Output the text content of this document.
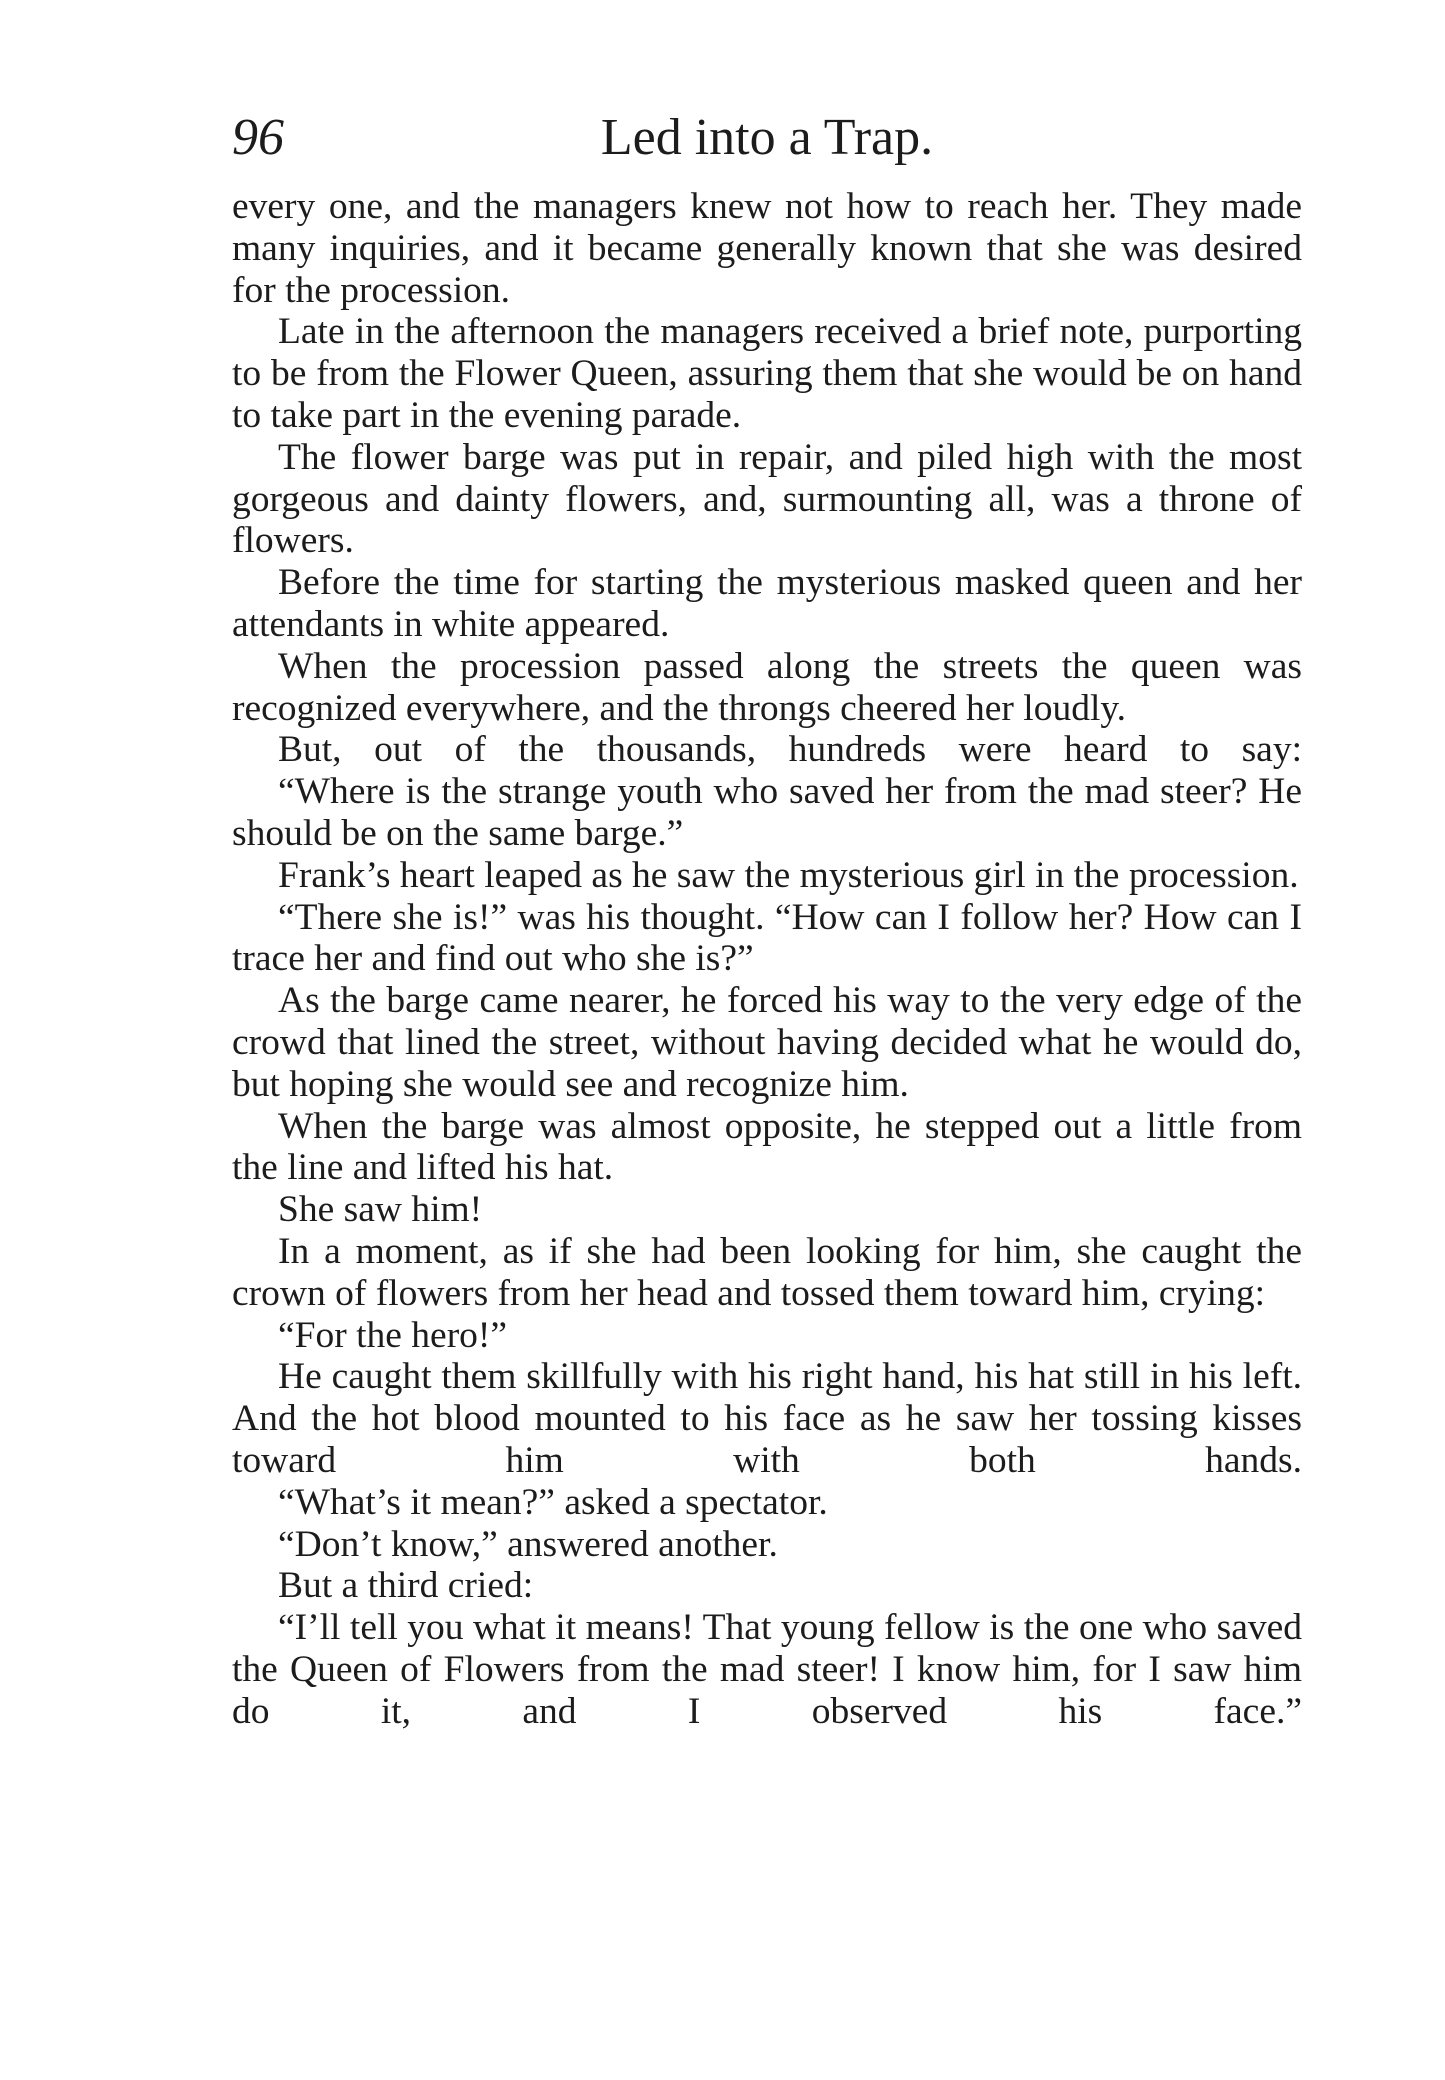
96	Led into a Trap.

every one, and the managers knew not how to reach her. They made many inquiries, and it became generally known that she was desired for the procession.

Late in the afternoon the managers received a brief note, purporting to be from the Flower Queen, assuring them that she would be on hand to take part in the evening parade.

The flower barge was put in repair, and piled high with the most gorgeous and dainty flowers, and, surmounting all, was a throne of flowers.

Before the time for starting the mysterious masked queen and her attendants in white appeared.

When the procession passed along the streets the queen was recognized everywhere, and the throngs cheered her loudly.

But, out of the thousands, hundreds were heard to say:

“Where is the strange youth who saved her from the mad steer? He should be on the same barge.”

Frank’s heart leaped as he saw the mysterious girl in the procession.

“There she is!” was his thought. “How can I follow her? How can I trace her and find out who she is?”

As the barge came nearer, he forced his way to the very edge of the crowd that lined the street, without having decided what he would do, but hoping she would see and recognize him.

When the barge was almost opposite, he stepped out a little from the line and lifted his hat.

She saw him!

In a moment, as if she had been looking for him, she caught the crown of flowers from her head and tossed them toward him, crying:

“For the hero!”

He caught them skillfully with his right hand, his hat still in his left. And the hot blood mounted to his face as he saw her tossing kisses toward him with both hands.

“What’s it mean?” asked a spectator.

“Don’t know,” answered another.

But a third cried:

“I’ll tell you what it means! That young fellow is the one who saved the Queen of Flowers from the mad steer! I know him, for I saw him do it, and I observed his face.”
